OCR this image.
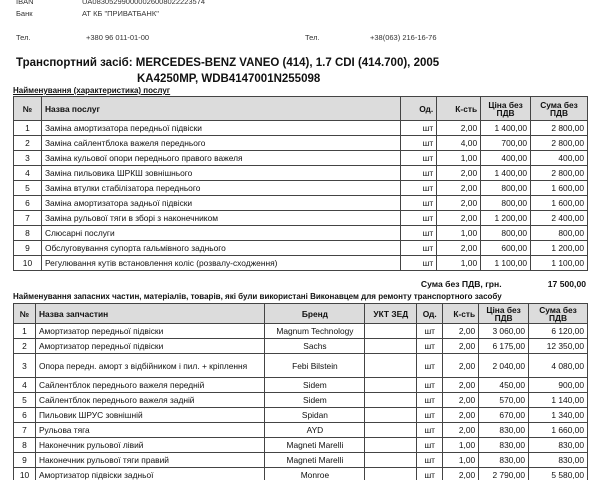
IBAN	UA083052990000026008022223574
Банк	АТ КБ "ПРИВАТБАНК"
Тел.	+380 96 011-01-00	Тел.	+38(063) 216-16-76
Транспортний засіб: MERCEDES-BENZ VANEO (414), 1.7 CDI (414.700), 2005
KA4250MP, WDB4147001N255098
Найменування (характеристика) послуг
№	Назва послуг	Од.	К-сть	Ціна без ПДВ	Сума без ПДВ
1	Заміна амортизатора передньої підвіски	шт	2,00	1 400,00	2 800,00
2	Заміна сайлентблока важеля переднього	шт	4,00	700,00	2 800,00
3	Заміна кульової опори переднього правого важеля	шт	1,00	400,00	400,00
4	Заміна пильовика ШРКШ зовнішнього	шт	2,00	1 400,00	2 800,00
5	Заміна втулки стабілізатора переднього	шт	2,00	800,00	1 600,00
6	Заміна амортизатора задньої підвіски	шт	2,00	800,00	1 600,00
7	Заміна рульової тяги в зборі з наконечником	шт	2,00	1 200,00	2 400,00
8	Слюсарні послуги	шт	1,00	800,00	800,00
9	Обслуговування супорта гальмівного заднього	шт	2,00	600,00	1 200,00
10	Регулювання кутів встановлення коліс (розвалу-сходження)	шт	1,00	1 100,00	1 100,00
Сума без ПДВ, грн.	17 500,00
Найменування запасних частин, матеріалів, товарів, які були використані Виконавцем для ремонту транспортного засобу
№	Назва запчастин	Бренд	УКТ ЗЕД	Од.	К-сть	Ціна без ПДВ	Сума без ПДВ
1	Амортизатор передньої підвіски	Magnum Technology		шт	2,00	3 060,00	6 120,00
2	Амортизатор передньої підвіски	Sachs		шт	2,00	6 175,00	12 350,00
3	Опора передн. аморт з відбійником і пил. + кріплення	Febi Bilstein		шт	2,00	2 040,00	4 080,00
4	Сайлентблок переднього важеля передній	Sidem		шт	2,00	450,00	900,00
5	Сайлентблок переднього важеля задній	Sidem		шт	2,00	570,00	1 140,00
6	Пильовик ШРУС зовнішній	Spidan		шт	2,00	670,00	1 340,00
7	Рульова тяга	AYD		шт	2,00	830,00	1 660,00
8	Наконечник рульової лівий	Magneti Marelli		шт	1,00	830,00	830,00
9	Наконечник рульової тяги правий	Magneti Marelli		шт	1,00	830,00	830,00
10	Амортизатор підвіски задньої	Monroe		шт	2,00	2 790,00	5 580,00
